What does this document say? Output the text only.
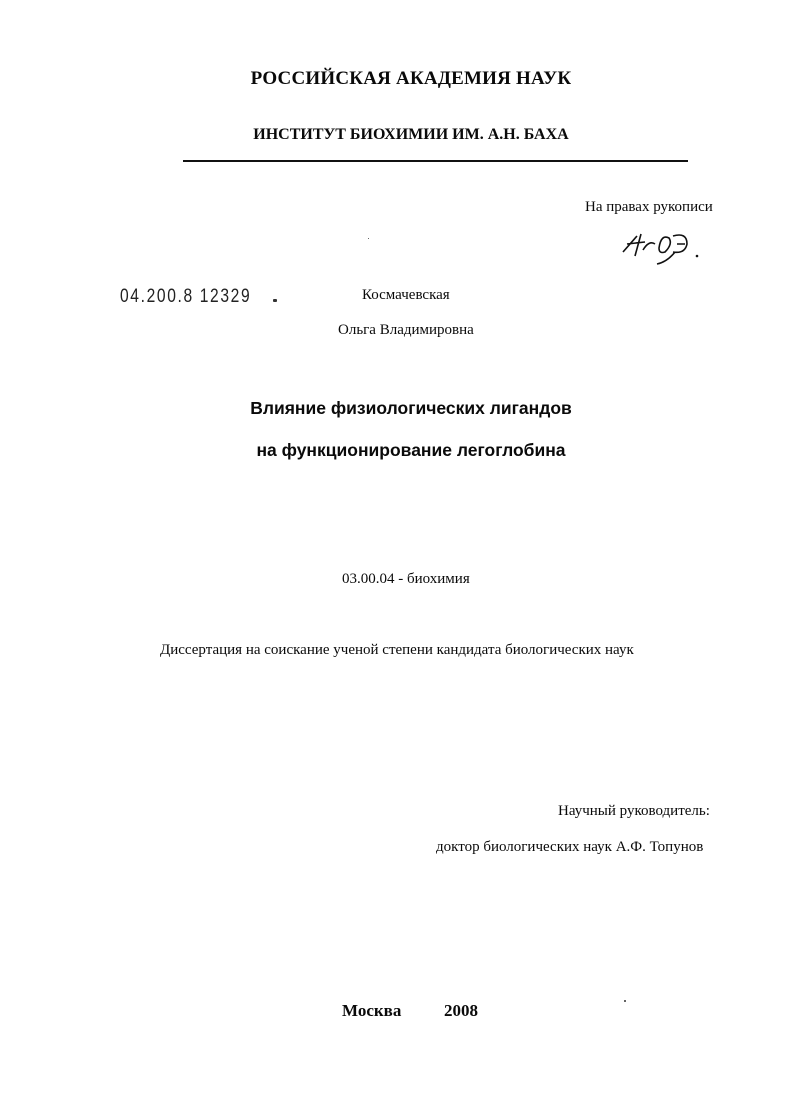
РОССИЙСКАЯ АКАДЕМИЯ НАУК
ИНСТИТУТ БИОХИМИИ ИМ. А.Н. БАХА
На правах рукописи
04.200.8 12329	Космачевская
Ольга Владимировна
Влияние физиологических лигандов
на функционирование легоглобина
03.00.04 - биохимия
Диссертация на соискание ученой степени кандидата биологических наук
Научный руководитель:
доктор биологических наук А.Ф. Топунов
Москва	2008
